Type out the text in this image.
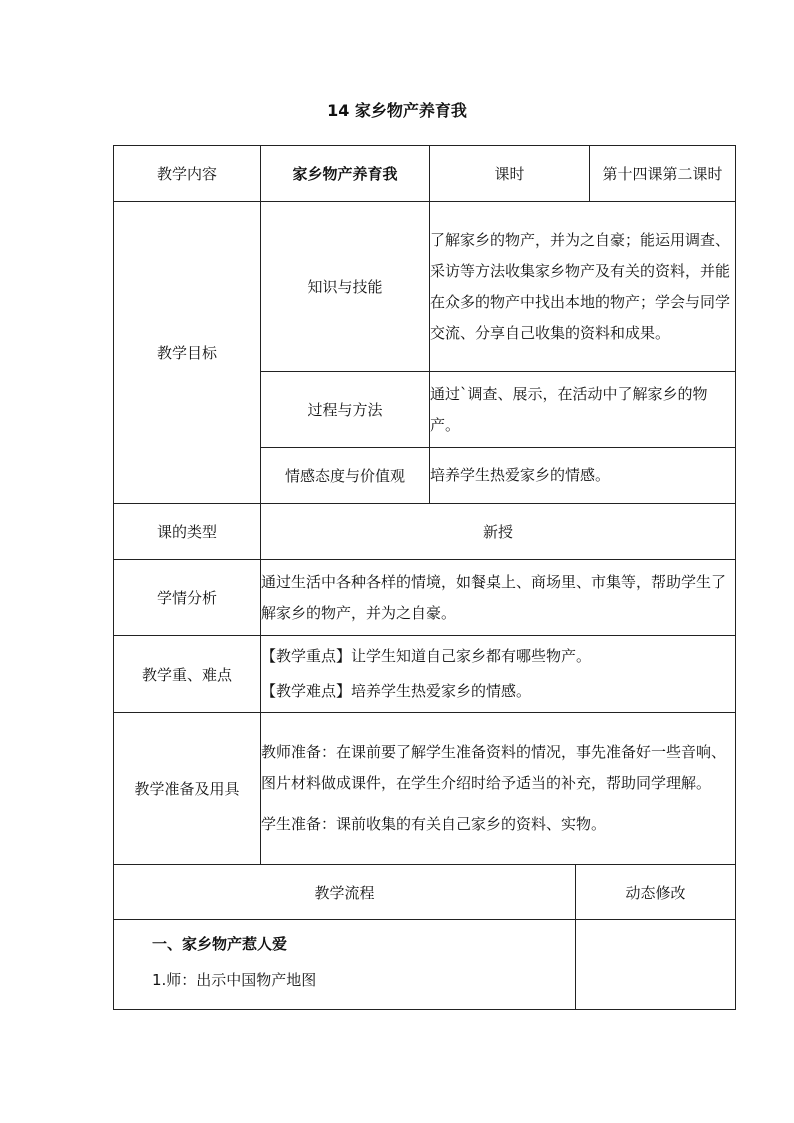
14 家乡物产养育我
教学内容	家乡物产养育我	课时		第十四课第二课时
教学目标	知识与技能	了解家乡的物产，并为之自豪；能运用调查、采访等方法收集家乡物产及有关的资料，并能在众多的物产中找出本地的物产；学会与同学交流、分享自己收集的资料和成果。		
	过程与方法	通过`调查、展示，在活动中了解家乡的物产。		
	情感态度与价值观	培养学生热爱家乡的情感。		
课的类型	新授			
学情分析	通过生活中各种各样的情境，如餐桌上、商场里、市集等，帮助学生了解家乡的物产，并为之自豪。			
教学重、难点	【教学重点】让学生知道自己家乡都有哪些物产。

【教学难点】培养学生热爱家乡的情感。			

教学准备及用具	教师准备：在课前要了解学生准备资料的情况，事先准备好一些音响、图片材料做成课件，在学生介绍时给予适当的补充，帮助同学理解。

学生准备：课前收集的有关自己家乡的资料、实物。			

教学流程			动态修改	

一、家乡物产惹人爱
1.师：出示中国物产地图				
